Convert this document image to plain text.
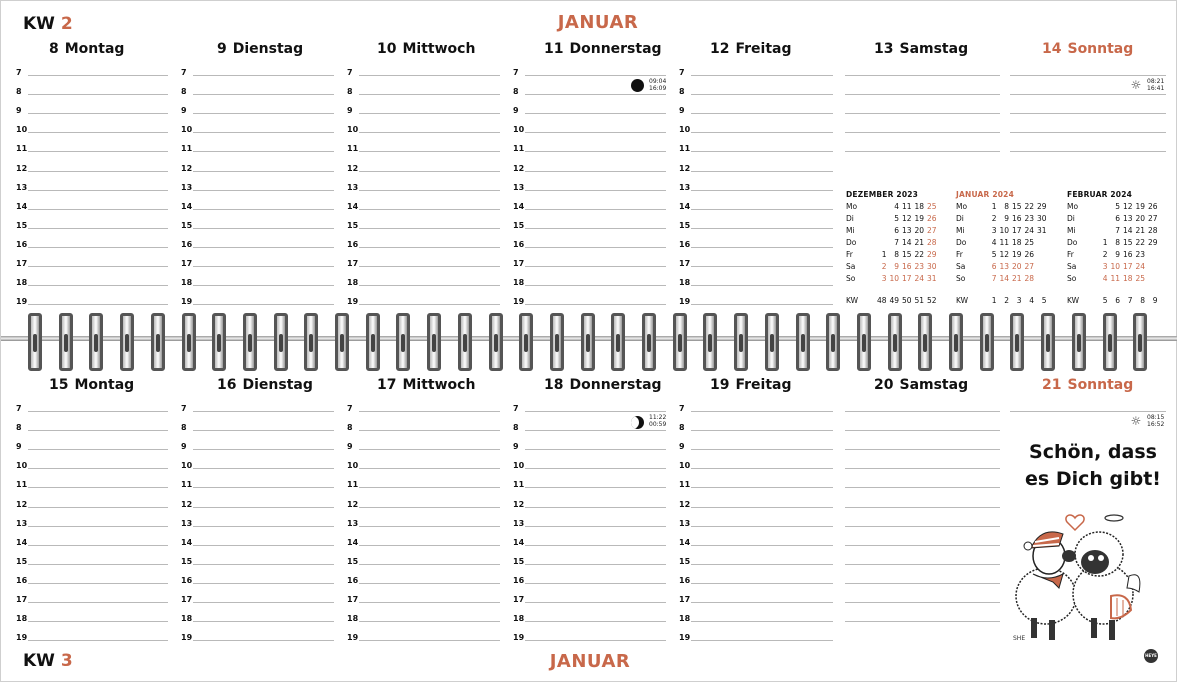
KW 2	JANUAR
KW 3	JANUAR
8 Montag
7
8
9
10
11
12
13
14
15
16
17
18
19
9 Dienstag
7
8
9
10
11
12
13
14
15
16
17
18
19
10 Mittwoch
7
8
9
10
11
12
13
14
15
16
17
18
19
11 Donnerstag
7
8
9
10
11
12
13
14
15
16
17
18
19
12 Freitag
7
8
9
10
11
12
13
14
15
16
17
18
19
13 Samstag	14 Sonntag
15 Montag
7
8
9
10
11
12
13
14
15
16
17
18
19
16 Dienstag
7
8
9
10
11
12
13
14
15
16
17
18
19
17 Mittwoch
7
8
9
10
11
12
13
14
15
16
17
18
19
18 Donnerstag
7
8
9
10
11
12
13
14
15
16
17
18
19
19 Freitag
7
8
9
10
11
12
13
14
15
16
17
18
19
20 Samstag	21 Sonntag
09:04
16:09	☼ 08:21
16:41
11:22
00:59	☼ 08:15
16:52
DEZEMBER 2023
Mo		4	11	18	25
Di		5	12	19	26
Mi		6	13	20	27
Do		7	14	21	28
Fr	1	8	15	22	29
Sa	2	9	16	23	30
So	3	10	17	24	31

KW	48	49	50	51	52
JANUAR 2024
Mo	1	8	15	22	29
Di	2	9	16	23	30
Mi	3	10	17	24	31
Do	4	11	18	25	
Fr	5	12	19	26	
Sa	6	13	20	27	
So	7	14	21	28	

KW	1	2	3	4	5
FEBRUAR 2024
Mo		5	12	19	26
Di		6	13	20	27
Mi		7	14	21	28
Do	1	8	15	22	29
Fr	2	9	16	23	
Sa	3	10	17	24	
So	4	11	18	25	

KW	5	6	7	8	9
Schön, dass
es Dich gibt!
SHE
HEYE
